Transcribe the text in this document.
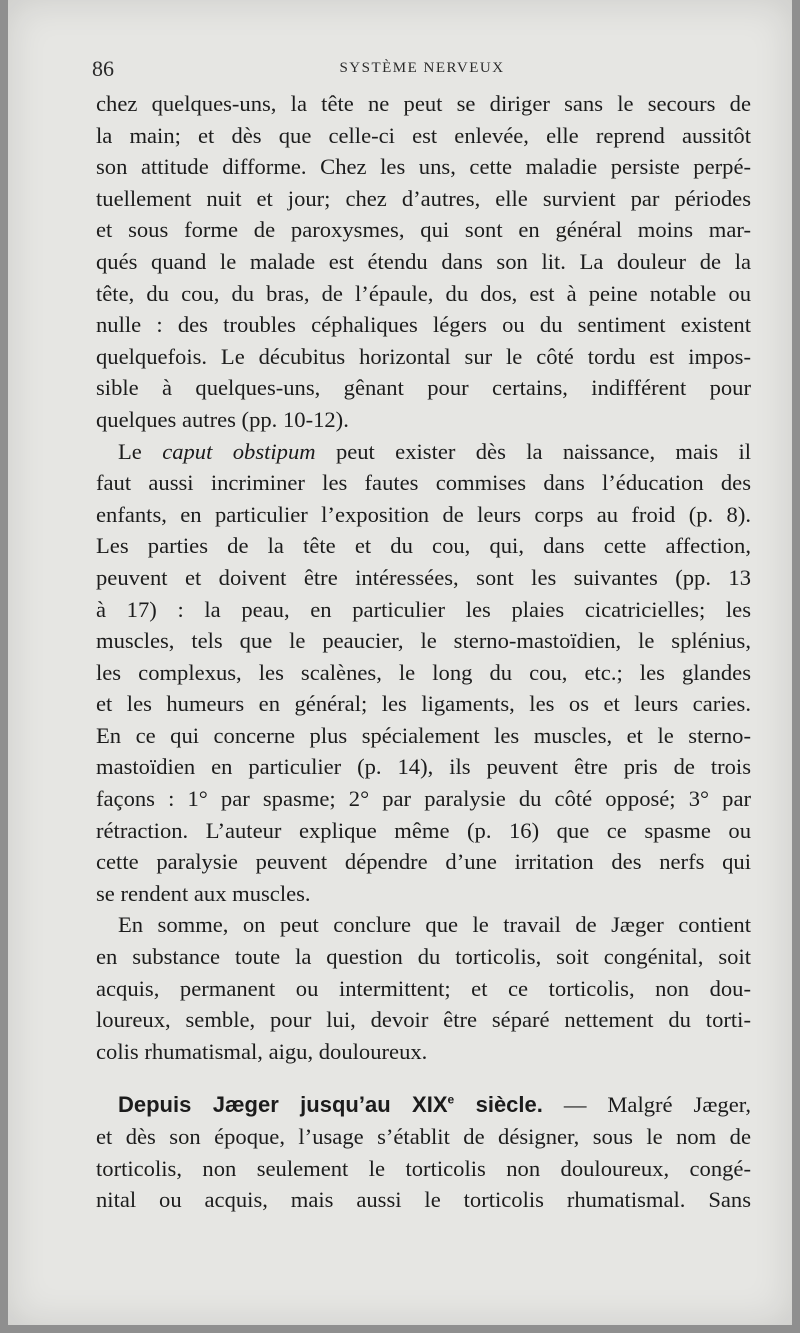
86	SYSTÈME NERVEUX
chez quelques-uns, la tête ne peut se diriger sans le secours de
la main; et dès que celle-ci est enlevée, elle reprend aussitôt
son attitude difforme. Chez les uns, cette maladie persiste perpé-
tuellement nuit et jour; chez d’autres, elle survient par périodes
et sous forme de paroxysmes, qui sont en général moins mar-
qués quand le malade est étendu dans son lit. La douleur de la
tête, du cou, du bras, de l’épaule, du dos, est à peine notable ou
nulle : des troubles céphaliques légers ou du sentiment existent
quelquefois. Le décubitus horizontal sur le côté tordu est impos-
sible à quelques-uns, gênant pour certains, indifférent pour
quelques autres (pp. 10-12).
Le caput obstipum peut exister dès la naissance, mais il
faut aussi incriminer les fautes commises dans l’éducation des
enfants, en particulier l’exposition de leurs corps au froid (p. 8).
Les parties de la tête et du cou, qui, dans cette affection,
peuvent et doivent être intéressées, sont les suivantes (pp. 13
à 17) : la peau, en particulier les plaies cicatricielles; les
muscles, tels que le peaucier, le sterno-mastoïdien, le splénius,
les complexus, les scalènes, le long du cou, etc.; les glandes
et les humeurs en général; les ligaments, les os et leurs caries.
En ce qui concerne plus spécialement les muscles, et le sterno-
mastoïdien en particulier (p. 14), ils peuvent être pris de trois
façons : 1° par spasme; 2° par paralysie du côté opposé; 3° par
rétraction. L’auteur explique même (p. 16) que ce spasme ou
cette paralysie peuvent dépendre d’une irritation des nerfs qui
se rendent aux muscles.
En somme, on peut conclure que le travail de Jæger contient
en substance toute la question du torticolis, soit congénital, soit
acquis, permanent ou intermittent; et ce torticolis, non dou-
loureux, semble, pour lui, devoir être séparé nettement du torti-
colis rhumatismal, aigu, douloureux.
Depuis Jæger jusqu’au XIXe siècle. — Malgré Jæger,
et dès son époque, l’usage s’établit de désigner, sous le nom de
torticolis, non seulement le torticolis non douloureux, congé-
nital ou acquis, mais aussi le torticolis rhumatismal. Sans
